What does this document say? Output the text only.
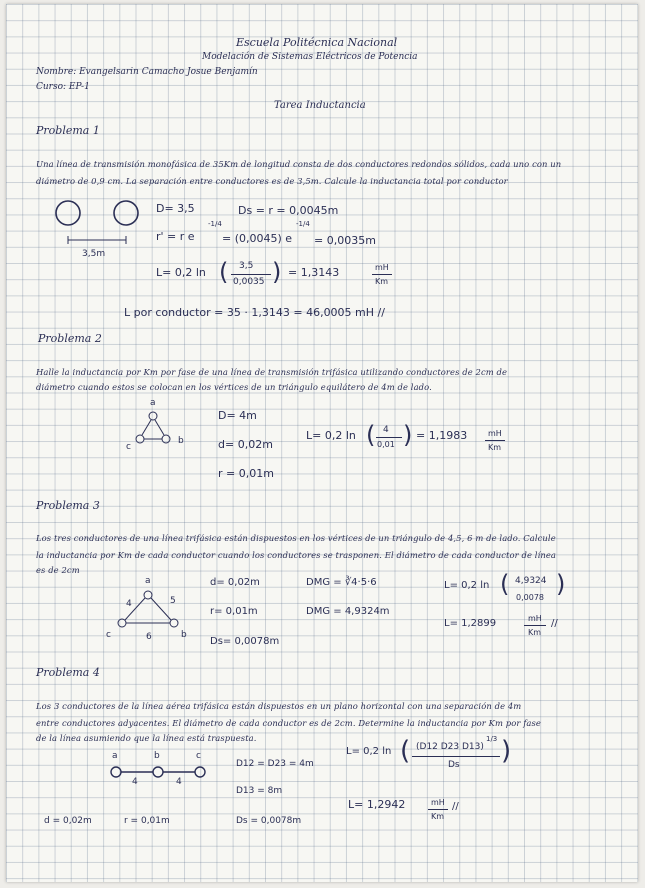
Escuela Politécnica Nacional
Modelación de Sistemas Eléctricos de Potencia
Nombre: Evangelsarin Camacho Josue Benjamín
Curso: EP-1
Tarea Inductancia
Problema 1
Una línea de transmisión monofásica de 35Km de longitud consta de dos conductores redondos sólidos, cada uno con un
diámetro de 0,9 cm. La separación entre conductores es de 3,5m. Calcule la inductancia total por conductor
3,5m
D= 3,5	Ds = r = 0,0045m
r' = r e
-1/4
= (0,0045) e
-1/4
= 0,0035m
L= 0,2 ln ( 3,5
0,0035 ) = 1,3143	mH
Km
L por conductor = 35 · 1,3143 = 46,0005 mH //
Problema 2
Halle la inductancia por Km por fase de una línea de transmisión trifásica utilizando conductores de 2cm de
diámetro cuando estos se colocan en los vértices de un triángulo equilátero de 4m de lado.
a
c
b
D= 4m
d= 0,02m
r = 0,01m
L= 0,2 ln ( 4
0,01 ) = 1,1983	mH
Km
Problema 3
Los tres conductores de una línea trifásica están dispuestos en los vértices de un triángulo de 4,5, 6 m de lado. Calcule
la inductancia por Km de cada conductor cuando los conductores se trasponen. El diámetro de cada conductor de línea
es de 2cm
a
c	b
4	5
6
d= 0,02m
r= 0,01m
Ds= 0,0078m
DMG = ∛4·5·6
DMG = 4,9324m
L= 0,2 ln ( 4,9324
0,0078 )
L= 1,2899	mH
Km
//
Problema 4
Los 3 conductores de la línea aérea trifásica están dispuestos en un plano horizontal con una separación de 4m
entre conductores adyacentes. El diámetro de cada conductor es de 2cm. Determine la inductancia por Km por fase
de la línea asumiendo que la línea está traspuesta.
a	b	c
4	4
D12 = D23 = 4m
D13 = 8m
Ds = 0,0078m
d = 0,02m	r = 0,01m
L= 0,2 ln ( (D12 D23 D13)
1/3
Ds )
L= 1,2942	mH
Km
//
